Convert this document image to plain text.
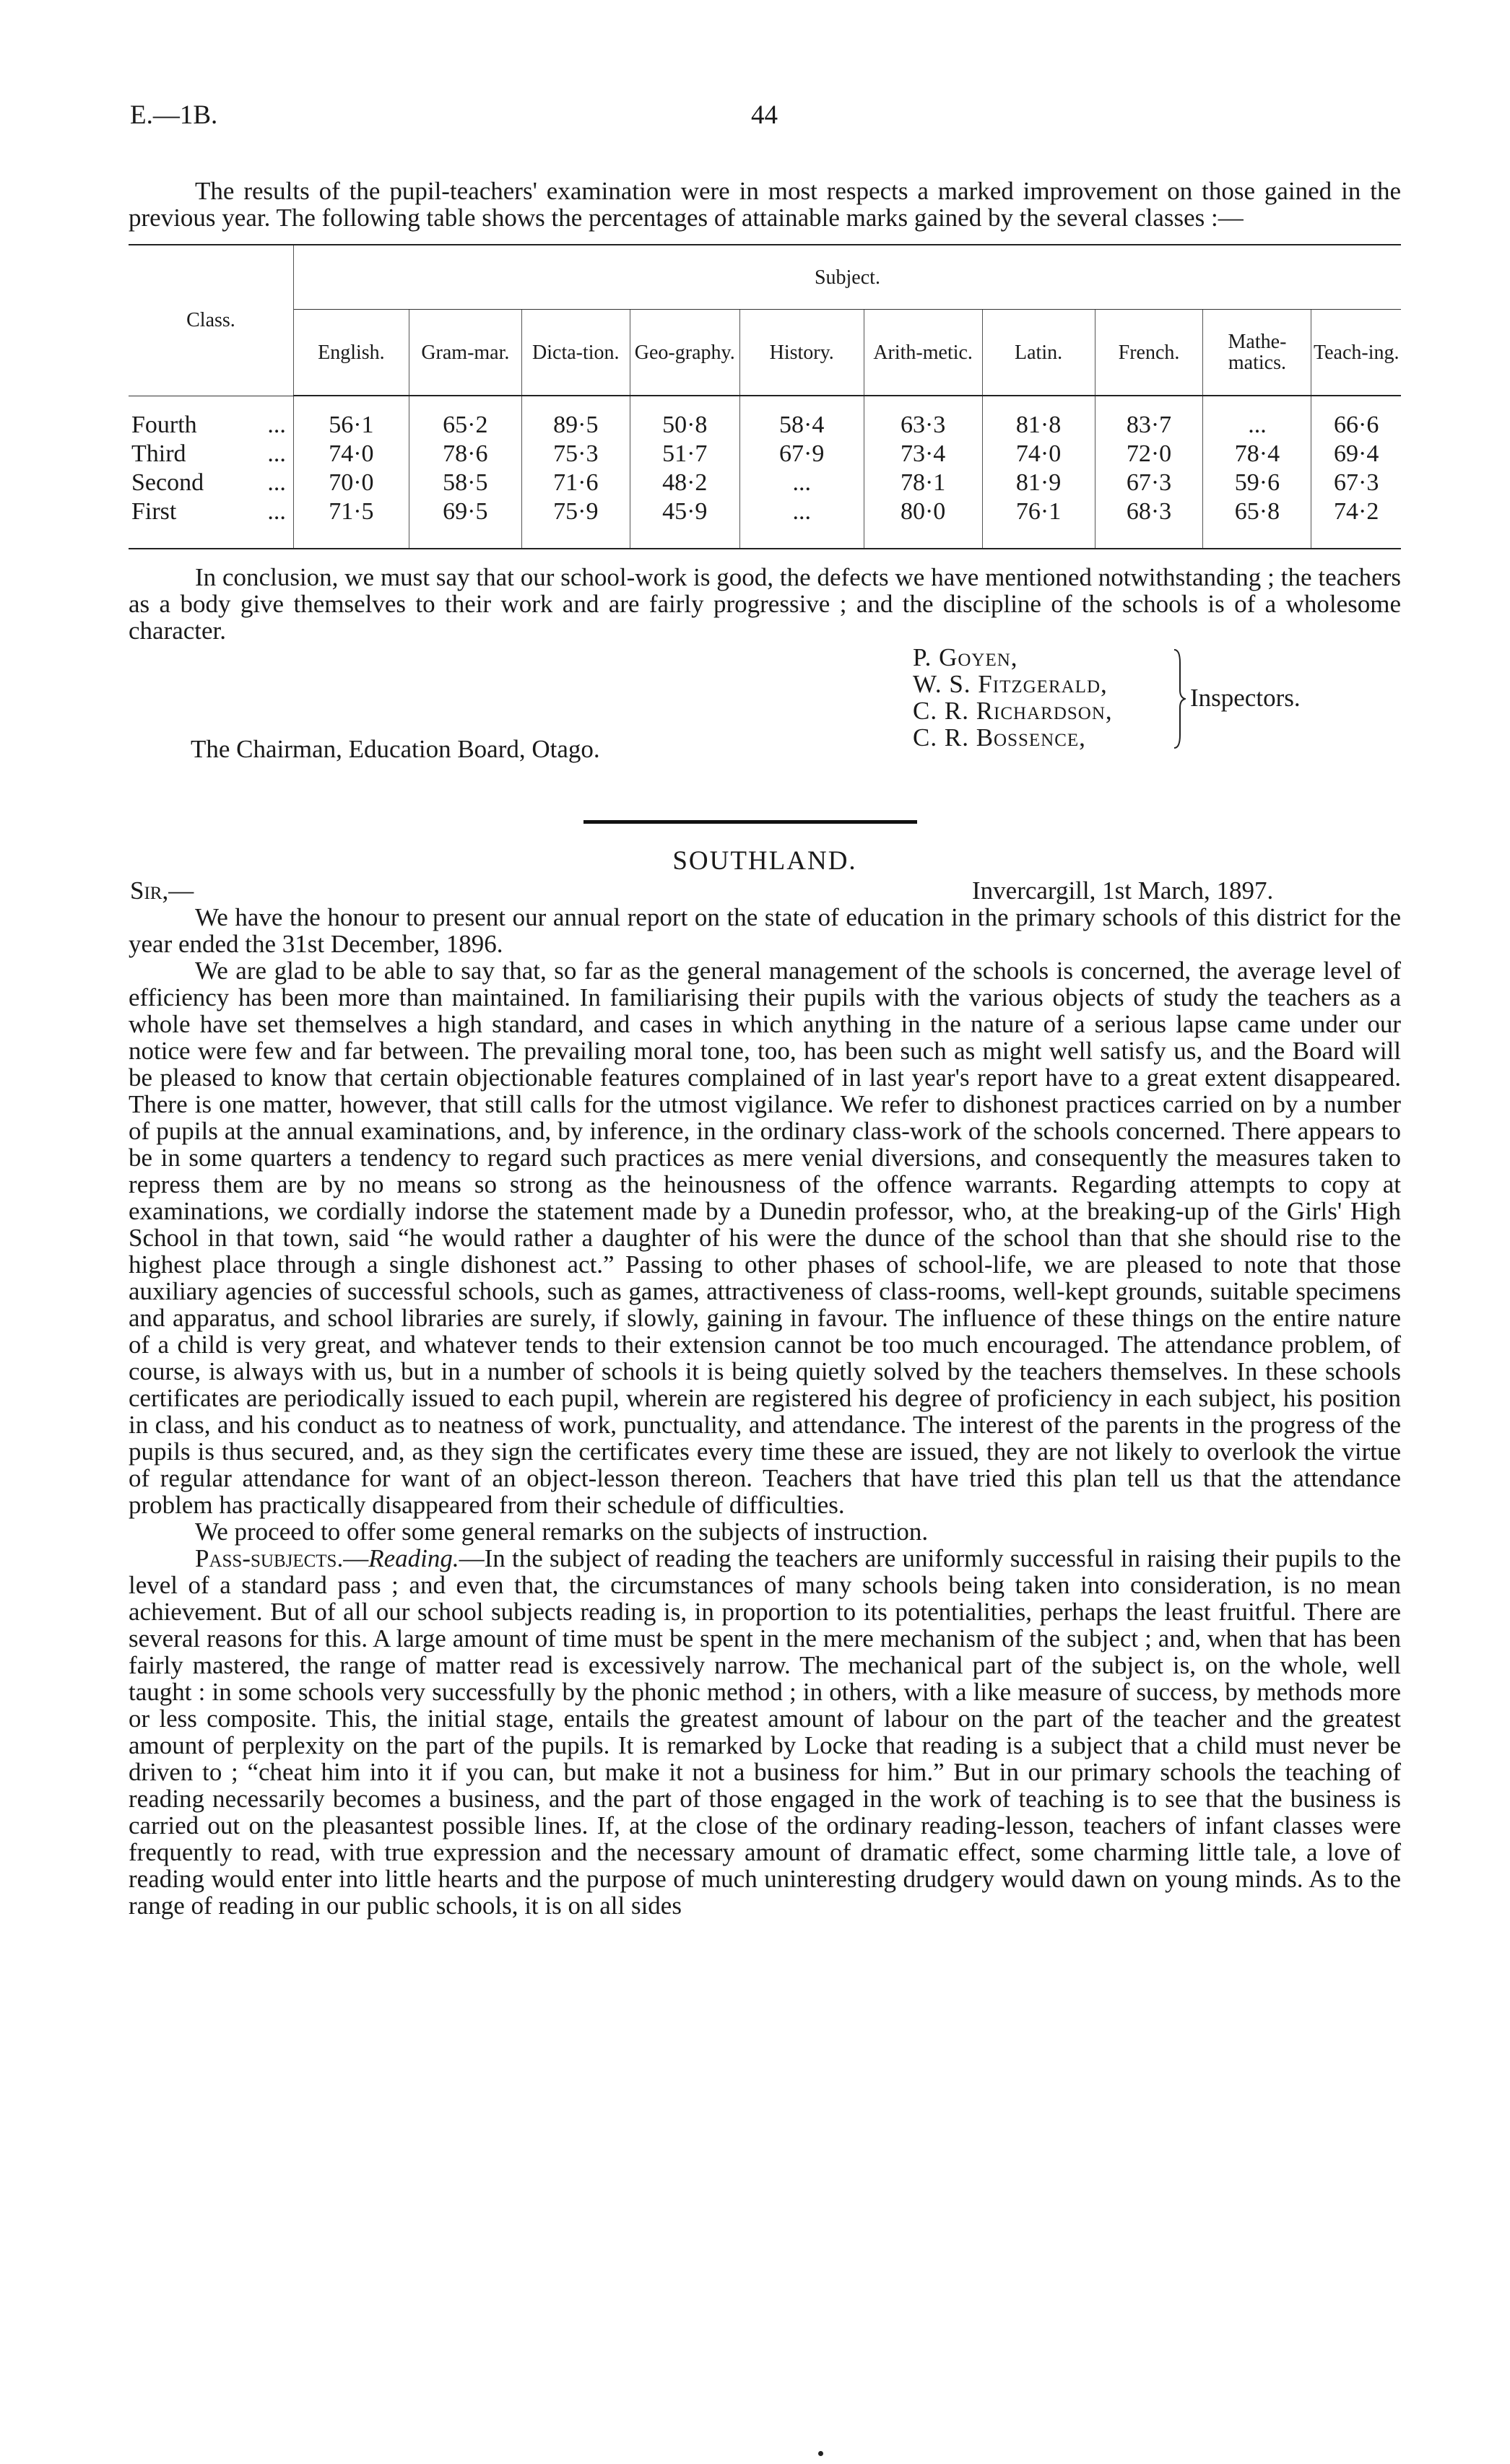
E.—1B.	44

The results of the pupil-teachers' examination were in most respects a marked improvement on those gained in the previous year. The following table shows the percentages of attainable marks gained by the several classes :—

Class.	Subject.									
	English.	Gram-mar.	Dicta-tion.	Geo-graphy.	History.	Arith-metic.	Latin.	French.	Mathe-matics.	Teach-ing.
Fourth ...	56·1	65·2	89·5	50·8	58·4	63·3	81·8	83·7	...	66·6
Third ...	74·0	78·6	75·3	51·7	67·9	73·4	74·0	72·0	78·4	69·4
Second ...	70·0	58·5	71·6	48·2	...	78·1	81·9	67·3	59·6	67·3
First ...	71·5	69·5	75·9	45·9	...	80·0	76·1	68·3	65·8	74·2

In conclusion, we must say that our school-work is good, the defects we have mentioned notwithstanding ; the teachers as a body give themselves to their work and are fairly progressive ; and the discipline of the schools is of a wholesome character.

P. Goyen,
W. S. Fitzgerald,
C. R. Richardson,
C. R. Bossence,
Inspectors.
The Chairman, Education Board, Otago.
SOUTHLAND.
Sir,—	Invercargill, 1st March, 1897.

We have the honour to present our annual report on the state of education in the primary schools of this district for the year ended the 31st December, 1896.

We are glad to be able to say that, so far as the general management of the schools is concerned, the average level of efficiency has been more than maintained. In familiarising their pupils with the various objects of study the teachers as a whole have set themselves a high standard, and cases in which anything in the nature of a serious lapse came under our notice were few and far between. The prevailing moral tone, too, has been such as might well satisfy us, and the Board will be pleased to know that certain objectionable features complained of in last year's report have to a great extent disappeared. There is one matter, however, that still calls for the utmost vigilance. We refer to dishonest practices carried on by a number of pupils at the annual examinations, and, by inference, in the ordinary class-work of the schools concerned. There appears to be in some quarters a tendency to regard such practices as mere venial diversions, and consequently the measures taken to repress them are by no means so strong as the heinousness of the offence warrants. Regarding attempts to copy at examinations, we cordially indorse the statement made by a Dunedin professor, who, at the breaking-up of the Girls' High School in that town, said “he would rather a daughter of his were the dunce of the school than that she should rise to the highest place through a single dishonest act.” Passing to other phases of school-life, we are pleased to note that those auxiliary agencies of successful schools, such as games, attractiveness of class-rooms, well-kept grounds, suitable specimens and apparatus, and school libraries are surely, if slowly, gaining in favour. The influence of these things on the entire nature of a child is very great, and whatever tends to their extension cannot be too much encouraged. The attendance problem, of course, is always with us, but in a number of schools it is being quietly solved by the teachers themselves. In these schools certificates are periodically issued to each pupil, wherein are registered his degree of proficiency in each subject, his position in class, and his conduct as to neatness of work, punctuality, and attendance. The interest of the parents in the progress of the pupils is thus secured, and, as they sign the certificates every time these are issued, they are not likely to overlook the virtue of regular attendance for want of an object-lesson thereon. Teachers that have tried this plan tell us that the attendance problem has practically disappeared from their schedule of difficulties.

We proceed to offer some general remarks on the subjects of instruction.

Pass-subjects.—Reading.—In the subject of reading the teachers are uniformly successful in raising their pupils to the level of a standard pass ; and even that, the circumstances of many schools being taken into consideration, is no mean achievement. But of all our school subjects reading is, in proportion to its potentialities, perhaps the least fruitful. There are several reasons for this. A large amount of time must be spent in the mere mechanism of the subject ; and, when that has been fairly mastered, the range of matter read is excessively narrow. The mechanical part of the subject is, on the whole, well taught : in some schools very successfully by the phonic method ; in others, with a like measure of success, by methods more or less composite. This, the initial stage, entails the greatest amount of labour on the part of the teacher and the greatest amount of perplexity on the part of the pupils. It is remarked by Locke that reading is a subject that a child must never be driven to ; “cheat him into it if you can, but make it not a business for him.” But in our primary schools the teaching of reading necessarily becomes a business, and the part of those engaged in the work of teaching is to see that the business is carried out on the pleasantest possible lines. If, at the close of the ordinary reading-lesson, teachers of infant classes were frequently to read, with true expression and the necessary amount of dramatic effect, some charming little tale, a love of reading would enter into little hearts and the purpose of much uninteresting drudgery would dawn on young minds. As to the range of reading in our public schools, it is on all sides
